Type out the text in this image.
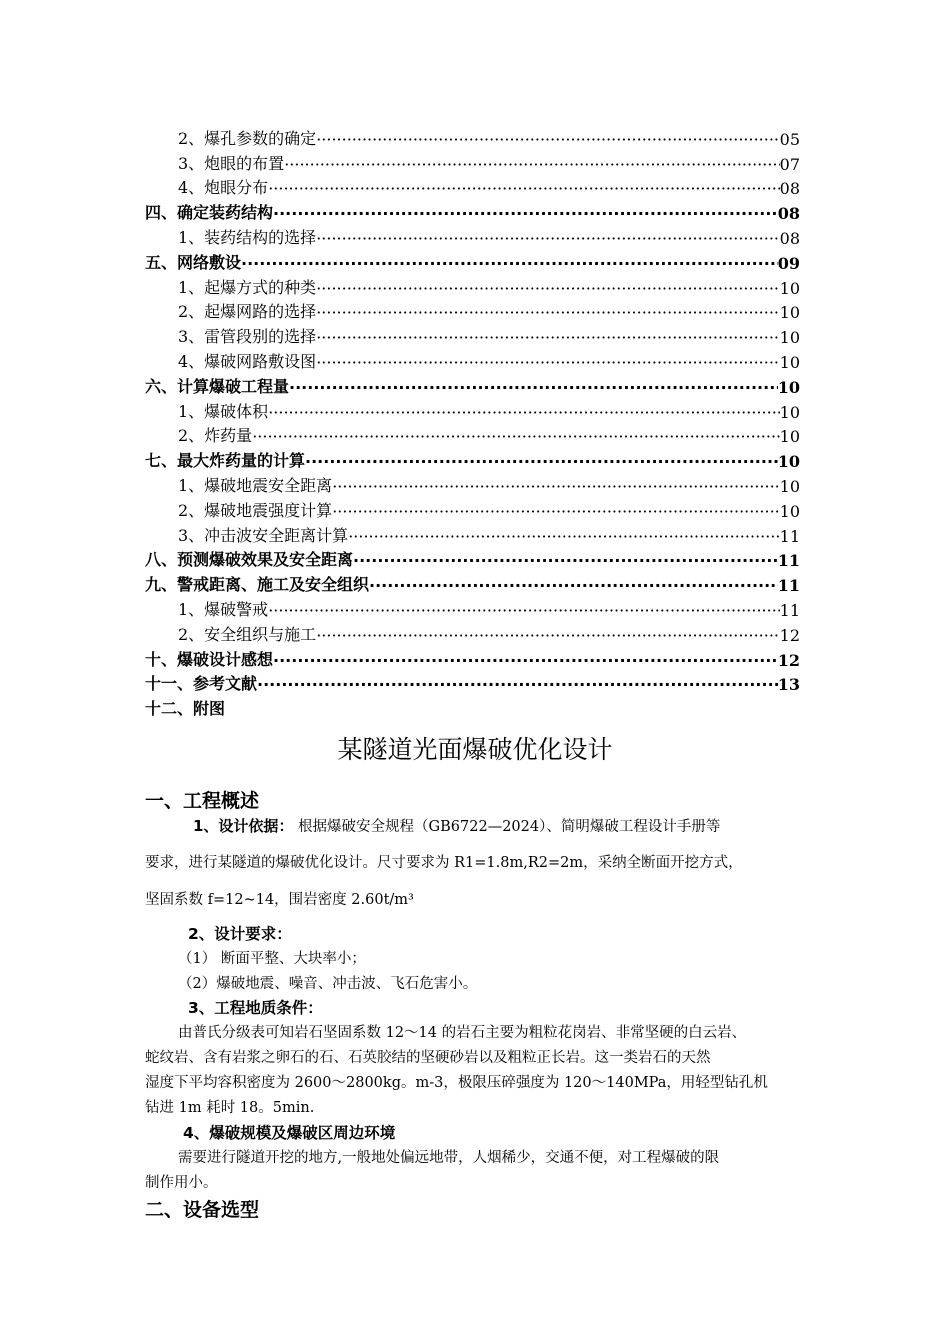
2、爆孔参数的确定 ·····	05
3、炮眼的布置 ·····	07
4、炮眼分布 ·····	08
四、确定装药结构 ·····	08
1、装药结构的选择 ·····	08
五、网络敷设 ·····	09
1、起爆方式的种类 ·····	10
2、起爆网路的选择 ·····	10
3、雷管段别的选择 ·····	10
4、爆破网路敷设图 ·····	10
六、计算爆破工程量 ·····	10
1、爆破体积 ·····	10
2、炸药量 ·····	10
七、最大炸药量的计算 ·····	10
1、爆破地震安全距离 ·····	10
2、爆破地震强度计算 ·····	10
3、冲击波安全距离计算 ·····	11
八、预测爆破效果及安全距离 ·····	11
九、警戒距离、施工及安全组织 ·····	11
1、爆破警戒 ·····	11
2、安全组织与施工 ·····	12
十、爆破设计感想 ·····	12
十一、参考文献 ·····	13
十二、附图
某隧道光面爆破优化设计
一、工程概述
1、设计依据： 根据爆破安全规程（GB6722—2024）、简明爆破工程设计手册等
要求，进行某隧道的爆破优化设计。尺寸要求为 R1=1.8m,R2=2m，采纳全断面开挖方式，
坚固系数 f=12~14，围岩密度 2.60t/m³
2、设计要求：
（1） 断面平整、大块率小；
（2）爆破地震、噪音、冲击波、飞石危害小。
3、工程地质条件：
由普氏分级表可知岩石坚固系数 12～14 的岩石主要为粗粒花岗岩、非常坚硬的白云岩、
蛇纹岩、含有岩浆之卵石的石、石英胶结的坚硬砂岩以及粗粒正长岩。这一类岩石的天然
湿度下平均容积密度为 2600～2800kg。m-3，极限压碎强度为 120～140MPa，用轻型钻孔机
钻进 1m 耗时 18。5min.
4、爆破规模及爆破区周边环境
需要进行隧道开挖的地方,一般地处偏远地带，人烟稀少，交通不便，对工程爆破的限
制作用小。
二、设备选型
